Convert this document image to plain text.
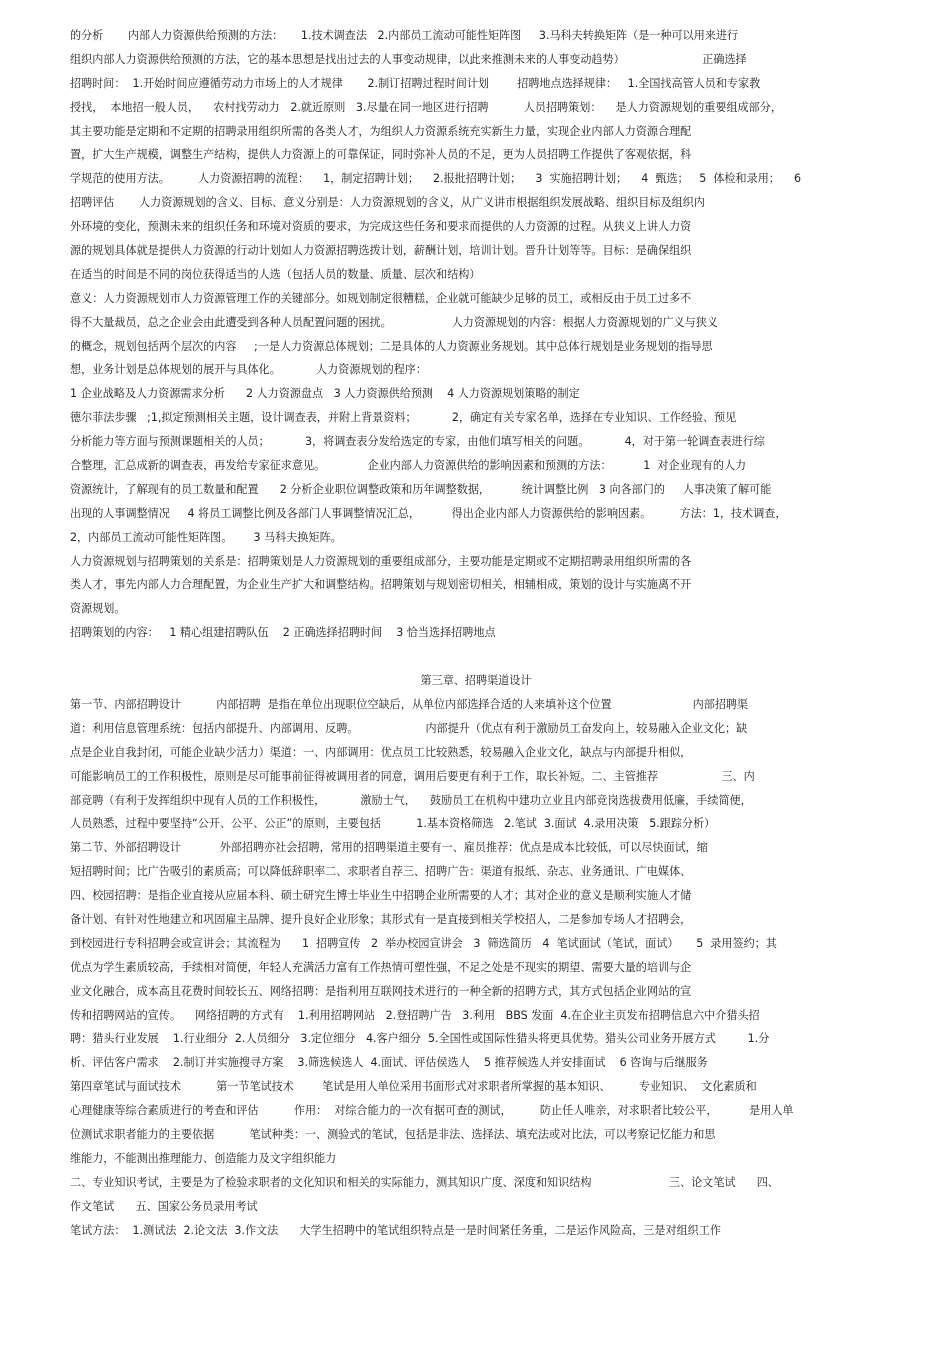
的分析       内部人力资源供给预测的方法：     1.技术调查法   2.内部员工流动可能性矩阵图     3.马科夫转换矩阵（是一种可以用来进行
组织内部人力资源供给预测的方法，它的基本思想是找出过去的人事变动规律，以此来推测未来的人事变动趋势）                      正确选择
招聘时间：  1.开始时间应遵循劳动力市场上的人才规律       2.制订招聘过程时间计划        招聘地点选择规律：   1.全国找高管人员和专家教
授找，  本地招一般人员，    农村找劳动力   2.就近原则   3.尽量在同一地区进行招聘          人员招聘策划：    是人力资源规划的重要组成部分，
其主要功能是定期和不定期的招聘录用组织所需的各类人才，为组织人力资源系统充实新生力量，实现企业内部人力资源合理配
置，扩大生产规模，调整生产结构，提供人力资源上的可靠保证，同时弥补人员的不足，更为人员招聘工作提供了客观依据，科
学规范的使用方法。        人力资源招聘的流程：    1，制定招聘计划；    2.报批招聘计划；    3  实施招聘计划；    4  甄选；   5  体检和录用；    6
招聘评估       人力资源规划的含义、目标、意义分别是：人力资源规划的含义，从广义讲市根据组织发展战略、组织目标及组织内
外环境的变化，预测未来的组织任务和环境对资质的要求，为完成这些任务和要求而提供的人力资源的过程。从狭义上讲人力资
源的规划具体就是提供人力资源的行动计划如人力资源招聘选拨计划，薪酬计划，培训计划。晋升计划等等。目标：是确保组织
在适当的时间是不同的岗位获得适当的人选（包括人员的数量、质量、层次和结构）
意义：人力资源规划市人力资源管理工作的关键部分。如规划制定很糟糕，企业就可能缺少足够的员工，或相反由于员工过多不
得不大量裁员，总之企业会由此遭受到各种人员配置问题的困扰。                 人力资源规划的内容：根据人力资源规划的广义与狭义
的概念，规划包括两个层次的内容     ;一是人力资源总体规划；二是具体的人力资源业务规划。其中总体行规划是业务规划的指导思
想，业务计划是总体规划的展开与具体化。          人力资源规划的程序：
1 企业战略及人力资源需求分析      2 人力资源盘点   3 人力资源供给预测    4 人力资源规划策略的制定
德尔菲法步骤   ;1,拟定预测相关主题，设计调查表，并附上背景资料；          2，确定有关专家名单，选择在专业知识、工作经验、预见
分析能力等方面与预测课题相关的人员；          3，将调查表分发给选定的专家，由他们填写相关的问题。          4，对于第一轮调查表进行综
合整理，汇总成新的调查表，再发给专家征求意见。            企业内部人力资源供给的影响因素和预测的方法：         1  对企业现有的人力
资源统计，了解现有的员工数量和配置      2 分析企业职位调整政策和历年调整数据，         统计调整比例   3 向各部门的     人事决策了解可能
出现的人事调整情况     4 将员工调整比例及各部门人事调整情况汇总，         得出企业内部人力资源供给的影响因素。        方法：1，技术调查，
2，内部员工流动可能性矩阵图。      3 马科夫换矩阵。
人力资源规划与招聘策划的关系是：招聘策划是人力资源规划的重要组成部分，主要功能是定期或不定期招聘录用组织所需的各
类人才，事先内部人力合理配置，为企业生产扩大和调整结构。招聘策划与规划密切相关，相辅相成，策划的设计与实施离不开
资源规划。
招聘策划的内容：   1 精心组建招聘队伍    2 正确选择招聘时间    3 恰当选择招聘地点
第三章、招聘渠道设计
第一节、内部招聘设计          内部招聘  是指在单位出现职位空缺后，从单位内部选择合适的人来填补这个位置                       内部招聘渠
道：利用信息管理系统：包括内部提升、内部调用、反聘。                   内部提升（优点有利于激励员工奋发向上，较易融入企业文化；缺
点是企业自我封闭，可能企业缺少活力）渠道：一、内部调用：优点员工比较熟悉，较易融入企业文化，缺点与内部提升相似，
可能影响员工的工作积极性，原则是尽可能事前征得被调用者的同意，调用后要更有利于工作，取长补短。二、主管推荐                  三、内
部竞聘（有利于发挥组织中现有人员的工作积极性，          激励士气，    鼓励员工在机构中建功立业且内部竞岗选拔费用低廉，手续简便，
人员熟悉，过程中要坚持“公开、公平、公正”的原则，主要包括          1.基本资格筛选   2.笔试  3.面试  4.录用决策   5.跟踪分析）
第二节、外部招聘设计           外部招聘亦社会招聘，常用的招聘渠道主要有一、雇员推荐：优点是成本比较低，可以尽快面试，缩
短招聘时间；比广告吸引的素质高；可以降低辞职率二、求职者自荐三、招聘广告：渠道有报纸、杂志、业务通讯、广电媒体、
四、校园招聘：是指企业直接从应届本科、硕士研究生博士毕业生中招聘企业所需要的人才；其对企业的意义是顺利实施人才储
备计划、有针对性地建立和巩固雇主品牌、提升良好企业形象；其形式有一是直接到相关学校招人，二是参加专场人才招聘会，
到校园进行专科招聘会或宣讲会；其流程为      1  招聘宣传   2  举办校园宣讲会   3  筛选简历   4  笔试面试（笔试，面试）     5  录用签约；其
优点为学生素质较高，手续相对简便，年轻人充满活力富有工作热情可塑性强，不足之处是不现实的期望、需要大量的培训与企
业文化融合，成本高且花费时间较长五、网络招聘：是指利用互联网技术进行的一种全新的招聘方式，其方式包括企业网站的宣
传和招聘网站的宣传。    网络招聘的方式有    1.利用招聘网站   2.登招聘广告   3.利用   BBS 发面  4.在企业主页发布招聘信息六中介猎头招
聘：猎头行业发展    1.行业细分  2.人员细分   3.定位细分   4.客户细分  5.全国性或国际性猎头将更具优势。猎头公司业务开展方式         1.分
析、评估客户需求    2.制订并实施搜寻方案    3.筛选候选人  4.面试、评估侯选人    5 推荐候选人并安排面试    6 咨询与后继服务
第四章笔试与面试技术          第一节笔试技术        笔试是用人单位采用书面形式对求职者所掌握的基本知识、        专业知识、  文化素质和
心理健康等综合素质进行的考查和评估          作用：  对综合能力的一次有据可查的测试，        防止任人唯亲，对求职者比较公平，         是用人单
位测试求职者能力的主要依据          笔试种类：一、测验式的笔试，包括是非法、选择法、填充法或对比法，可以考察记忆能力和思
维能力，不能测出推理能力、创造能力及文字组织能力
二、专业知识考试，主要是为了检验求职者的文化知识和相关的实际能力，测其知识广度、深度和知识结构                      三、论文笔试      四、
作文笔试      五、国家公务员录用考试
笔试方法：  1.测试法  2.论文法  3.作文法      大学生招聘中的笔试组织特点是一是时间紧任务重，二是运作风险高，三是对组织工作
